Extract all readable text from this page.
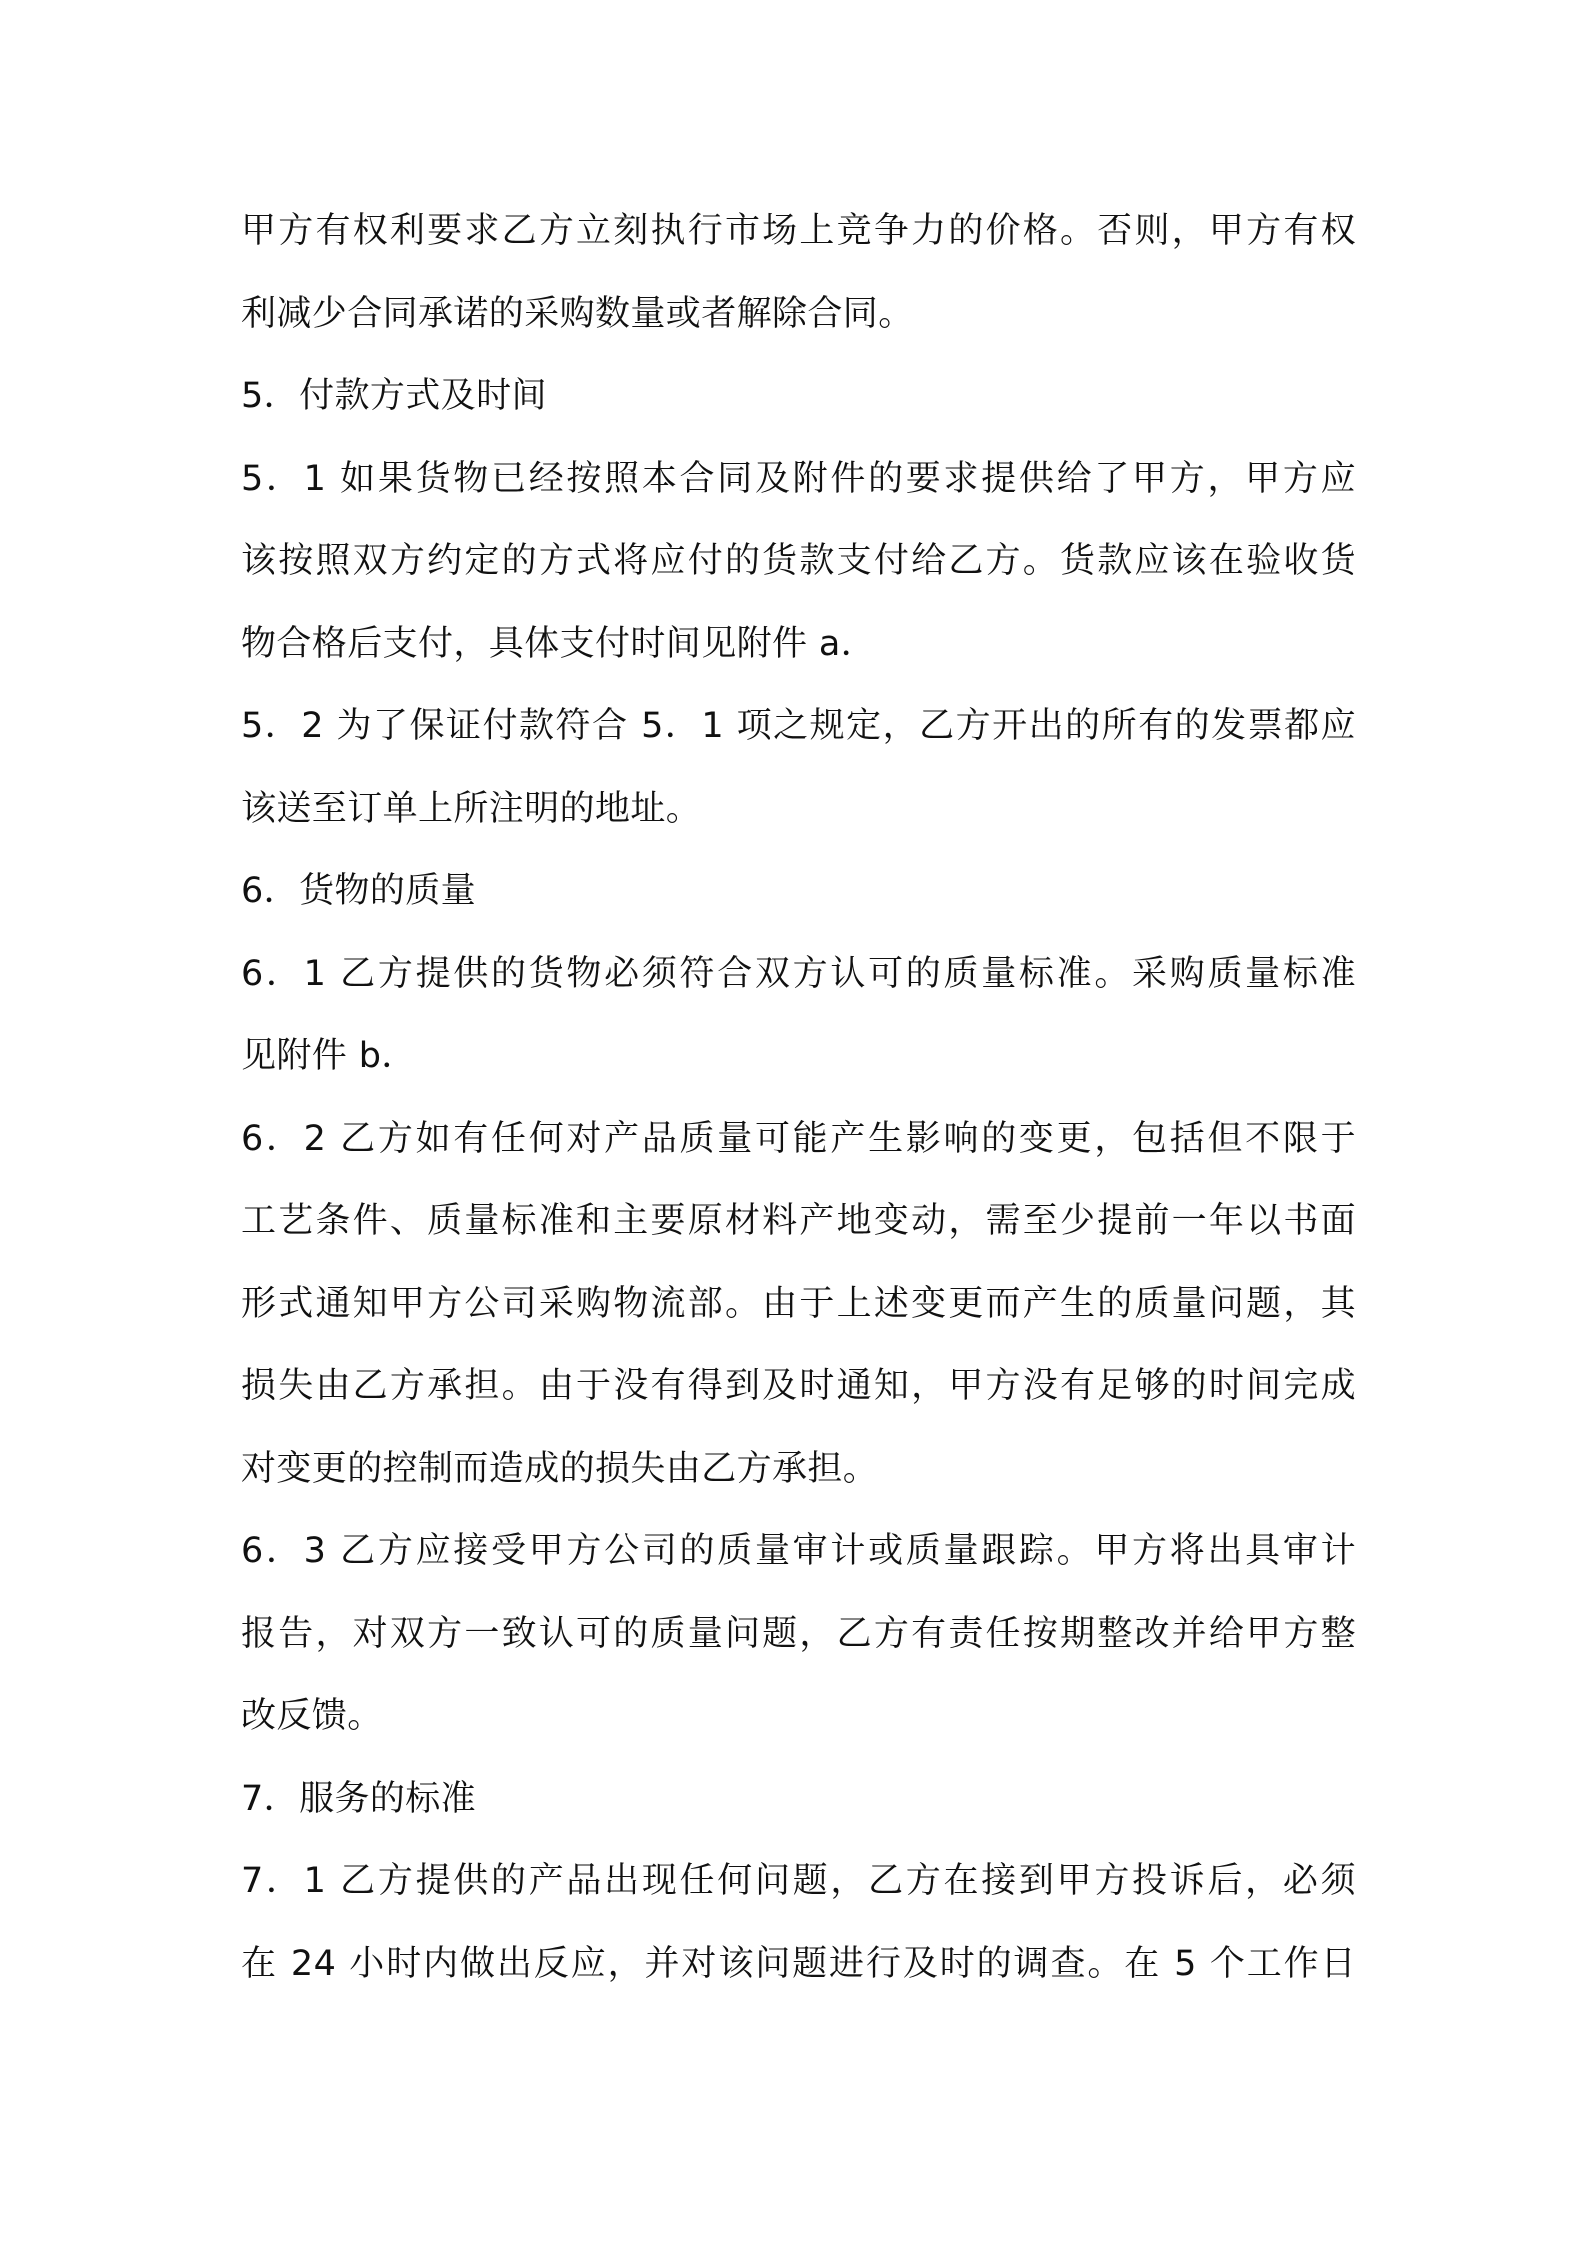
甲方有权利要求乙方立刻执行市场上竞争力的价格。否则，甲方有权
利减少合同承诺的采购数量或者解除合同。
5．付款方式及时间
5．1 如果货物已经按照本合同及附件的要求提供给了甲方，甲方应
该按照双方约定的方式将应付的货款支付给乙方。货款应该在验收货
物合格后支付，具体支付时间见附件 a．
5．2 为了保证付款符合 5．1 项之规定，乙方开出的所有的发票都应
该送至订单上所注明的地址。
6．货物的质量
6．1 乙方提供的货物必须符合双方认可的质量标准。采购质量标准
见附件 b．
6．2 乙方如有任何对产品质量可能产生影响的变更，包括但不限于
工艺条件、质量标准和主要原材料产地变动，需至少提前一年以书面
形式通知甲方公司采购物流部。由于上述变更而产生的质量问题，其
损失由乙方承担。由于没有得到及时通知，甲方没有足够的时间完成
对变更的控制而造成的损失由乙方承担。
6．3 乙方应接受甲方公司的质量审计或质量跟踪。甲方将出具审计
报告，对双方一致认可的质量问题，乙方有责任按期整改并给甲方整
改反馈。
7．服务的标准
7．1 乙方提供的产品出现任何问题，乙方在接到甲方投诉后，必须
在 24 小时内做出反应，并对该问题进行及时的调查。在 5 个工作日
